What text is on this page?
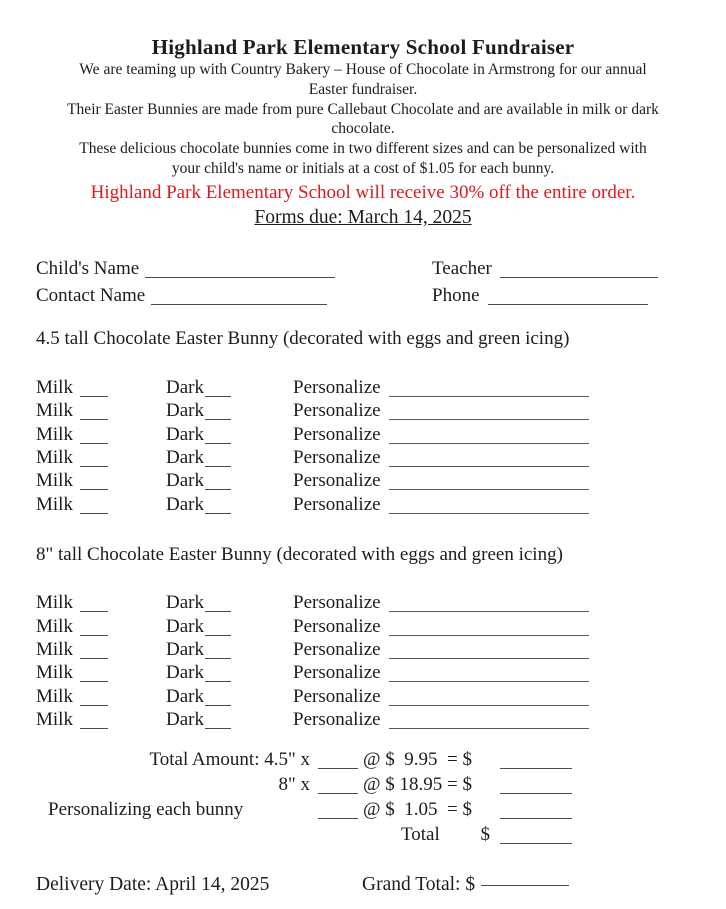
Highland Park Elementary School Fundraiser
We are teaming up with Country Bakery – House of Chocolate in Armstrong for our annual
Easter fundraiser.
Their Easter Bunnies are made from pure Callebaut Chocolate and are available in milk or dark
chocolate.
These delicious chocolate bunnies come in two different sizes and can be personalized with
your child's name or initials at a cost of $1.05 for each bunny.
Highland Park Elementary School will receive 30% off the entire order.
Forms due: March 14, 2025
Child's Name	Teacher
Contact Name	Phone
4.5 tall Chocolate Easter Bunny (decorated with eggs and green icing)
Milk	Dark	Personalize
Milk	Dark	Personalize
Milk	Dark	Personalize
Milk	Dark	Personalize
Milk	Dark	Personalize
Milk	Dark	Personalize
8" tall Chocolate Easter Bunny (decorated with eggs and green icing)
Milk	Dark	Personalize
Milk	Dark	Personalize
Milk	Dark	Personalize
Milk	Dark	Personalize
Milk	Dark	Personalize
Milk	Dark	Personalize
Total Amount: 4.5" x	@ $  9.95  = $
8" x	@ $ 18.95 = $
Personalizing each bunny	@ $  1.05  = $
Total $
Delivery Date: April 14, 2025	Grand Total: $
